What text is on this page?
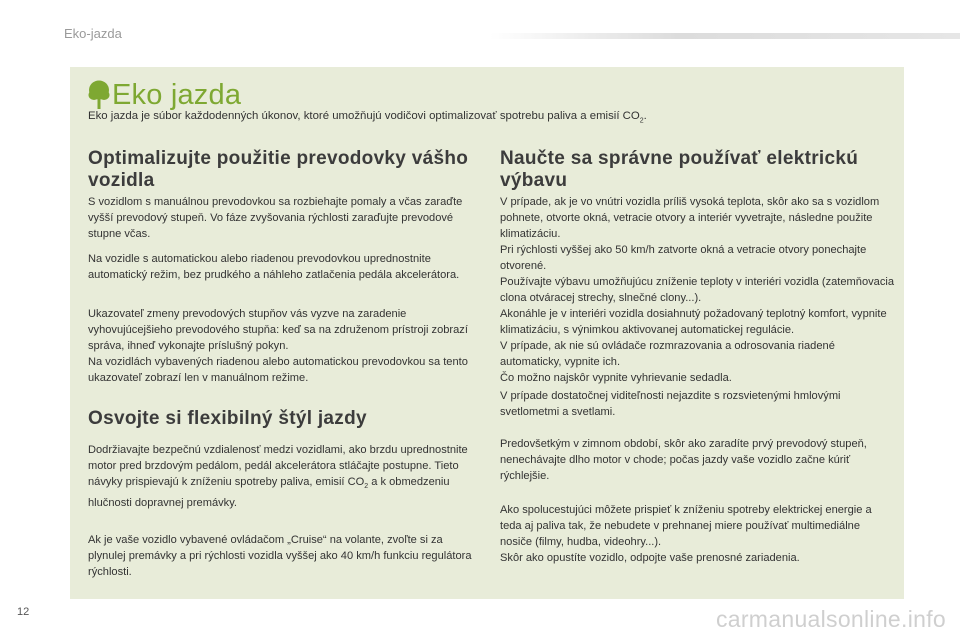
Eko-jazda
Eko jazda
Eko jazda je súbor každodenných úkonov, ktoré umožňujú vodičovi optimalizovať spotrebu paliva a emisií $CO_2$.
Optimalizujte použitie prevodovky vášho vozidla

S vozidlom s manuálnou prevodovkou sa rozbiehajte pomaly a včas zaraďte vyšší prevodový stupeň. Vo fáze zvyšovania rýchlosti zaraďujte prevodové stupne včas.

Na vozidle s automatickou alebo riadenou prevodovkou uprednostnite automatický režim, bez prudkého a náhleho zatlačenia pedála akcelerátora.

Ukazovateľ zmeny prevodových stupňov vás vyzve na zaradenie vyhovujúcejšieho prevodového stupňa: keď sa na združenom prístroji zobrazí správa, ihneď vykonajte príslušný pokyn.

Na vozidlách vybavených riadenou alebo automatickou prevodovkou sa tento ukazovateľ zobrazí len v manuálnom režime.

Osvojte si flexibilný štýl jazdy

Dodržiavajte bezpečnú vzdialenosť medzi vozidlami, ako brzdu uprednostnite motor pred brzdovým pedálom, pedál akcelerátora stláčajte postupne. Tieto návyky prispievajú k zníženiu spotreby paliva, emisií $CO_2$ a k obmedzeniu hlučnosti dopravnej premávky.

Ak je vaše vozidlo vybavené ovládačom „Cruise“ na volante, zvoľte si za plynulej premávky a pri rýchlosti vozidla vyššej ako 40 km/h funkciu regulátora rýchlosti.

Naučte sa správne používať elektrickú výbavu

V prípade, ak je vo vnútri vozidla príliš vysoká teplota, skôr ako sa s vozidlom pohnete, otvorte okná, vetracie otvory a interiér vyvetrajte, následne použite klimatizáciu.

Pri rýchlosti vyššej ako 50 km/h zatvorte okná a vetracie otvory ponechajte otvorené.

Používajte výbavu umožňujúcu zníženie teploty v interiéri vozidla (zatemňovacia clona otváracej strechy, slnečné clony...).

Akonáhle je v interiéri vozidla dosiahnutý požadovaný teplotný komfort, vypnite klimatizáciu, s výnimkou aktivovanej automatickej regulácie.

V prípade, ak nie sú ovládače rozmrazovania a odrosovania riadené automaticky, vypnite ich.

Čo možno najskôr vypnite vyhrievanie sedadla.

V prípade dostatočnej viditeľnosti nejazdite s rozsvietenými hmlovými svetlometmi a svetlami.

Predovšetkým v zimnom období, skôr ako zaradíte prvý prevodový stupeň, nenechávajte dlho motor v chode; počas jazdy vaše vozidlo začne kúriť rýchlejšie.

Ako spolucestujúci môžete prispieť k zníženiu spotreby elektrickej energie a teda aj paliva tak, že nebudete v prehnanej miere používať multimediálne nosiče (filmy, hudba, videohry...).

Skôr ako opustíte vozidlo, odpojte vaše prenosné zariadenia.

12	carmanualsonline.info
